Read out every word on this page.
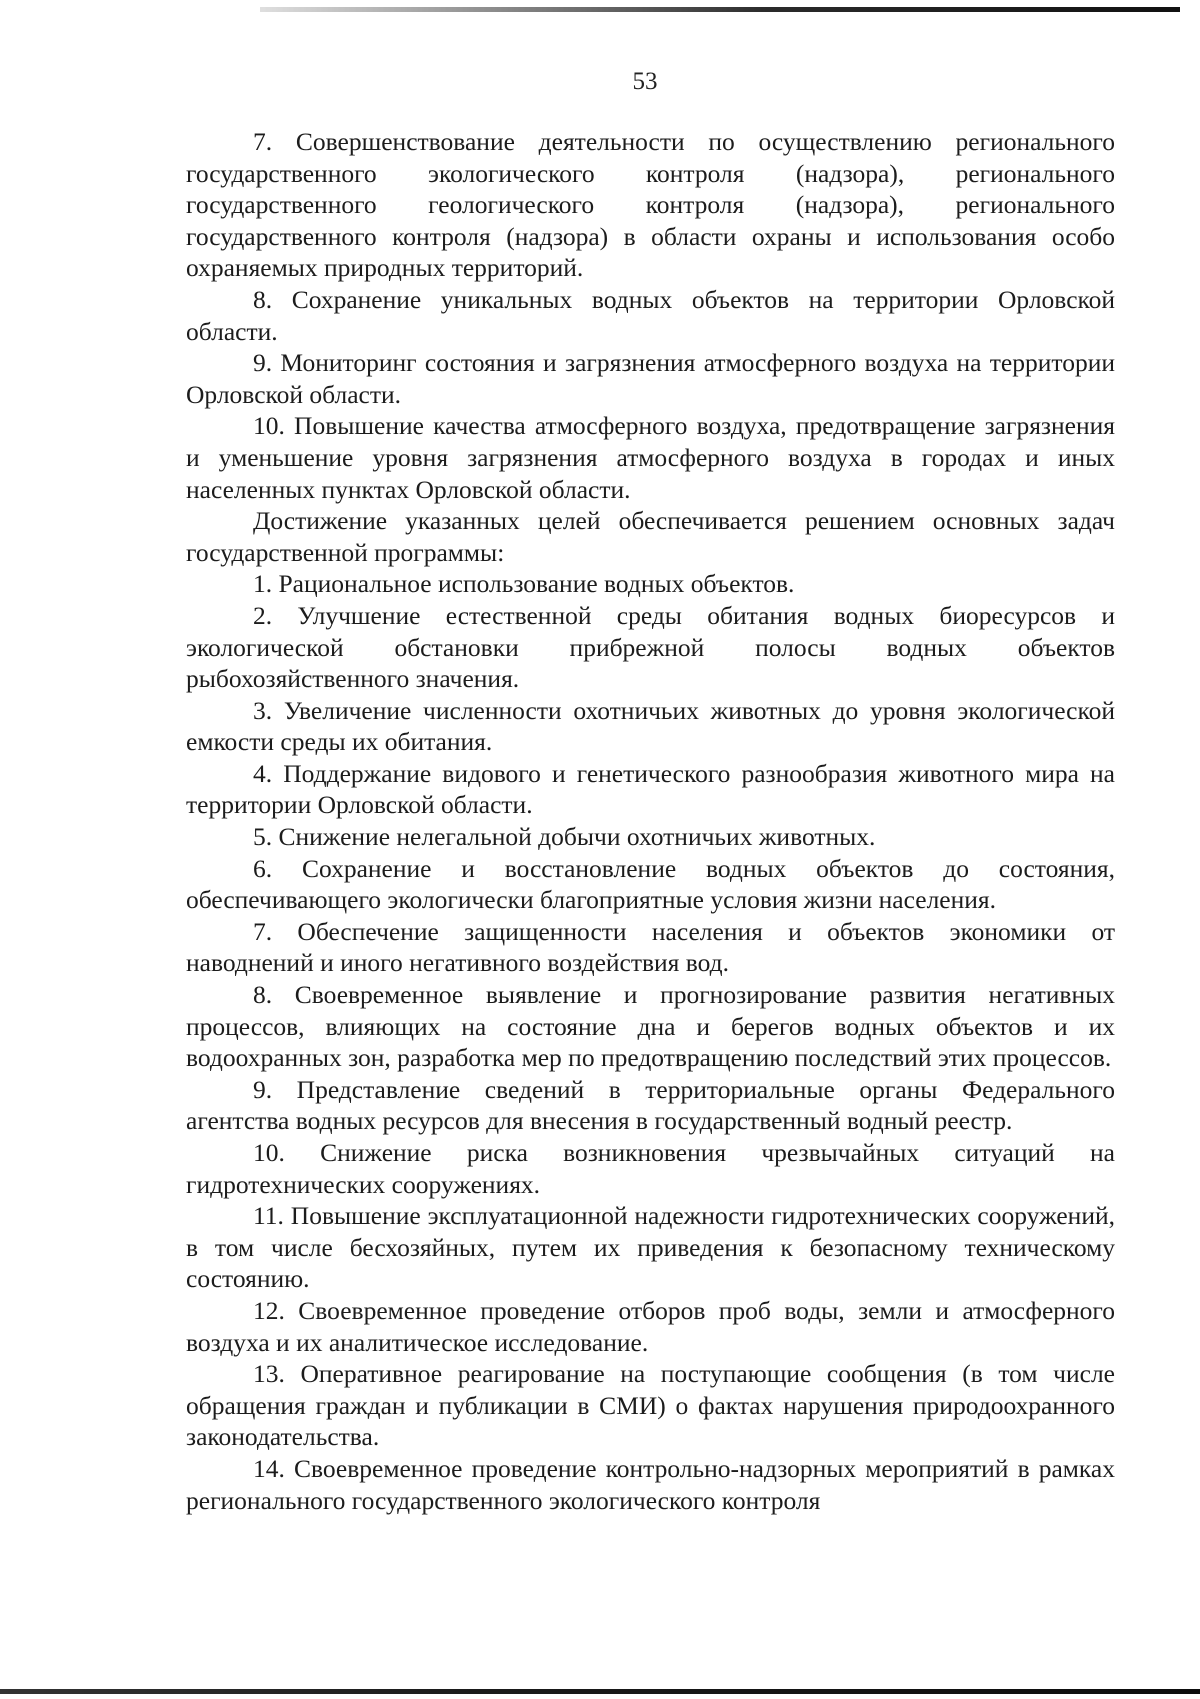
53

7. Совершенствование деятельности по осуществлению регионального государственного экологического контроля (надзора), регионального государственного геологического контроля (надзора), регионального государственного контроля (надзора) в области охраны и использования особо охраняемых природных территорий.

8. Сохранение уникальных водных объектов на территории Орловской области.

9. Мониторинг состояния и загрязнения атмосферного воздуха на территории Орловской области.

10. Повышение качества атмосферного воздуха, предотвращение загрязнения и уменьшение уровня загрязнения атмосферного воздуха в городах и иных населенных пунктах Орловской области.

Достижение указанных целей обеспечивается решением основных задач государственной программы:

1. Рациональное использование водных объектов.

2. Улучшение естественной среды обитания водных биоресурсов и экологической обстановки прибрежной полосы водных объектов рыбохозяйственного значения.

3. Увеличение численности охотничьих животных до уровня экологической емкости среды их обитания.

4. Поддержание видового и генетического разнообразия животного мира на территории Орловской области.

5. Снижение нелегальной добычи охотничьих животных.

6. Сохранение и восстановление водных объектов до состояния, обеспечивающего экологически благоприятные условия жизни населения.

7. Обеспечение защищенности населения и объектов экономики от наводнений и иного негативного воздействия вод.

8. Своевременное выявление и прогнозирование развития негативных процессов, влияющих на состояние дна и берегов водных объектов и их водоохранных зон, разработка мер по предотвращению последствий этих процессов.

9. Представление сведений в территориальные органы Федерального агентства водных ресурсов для внесения в государственный водный реестр.

10. Снижение риска возникновения чрезвычайных ситуаций на гидротехнических сооружениях.

11. Повышение эксплуатационной надежности гидротехнических сооружений, в том числе бесхозяйных, путем их приведения к безопасному техническому состоянию.

12. Своевременное проведение отборов проб воды, земли и атмосферного воздуха и их аналитическое исследование.

13. Оперативное реагирование на поступающие сообщения (в том числе обращения граждан и публикации в СМИ) о фактах нарушения природоохранного законодательства.

14. Своевременное проведение контрольно-надзорных мероприятий в рамках регионального государственного экологического контроля
